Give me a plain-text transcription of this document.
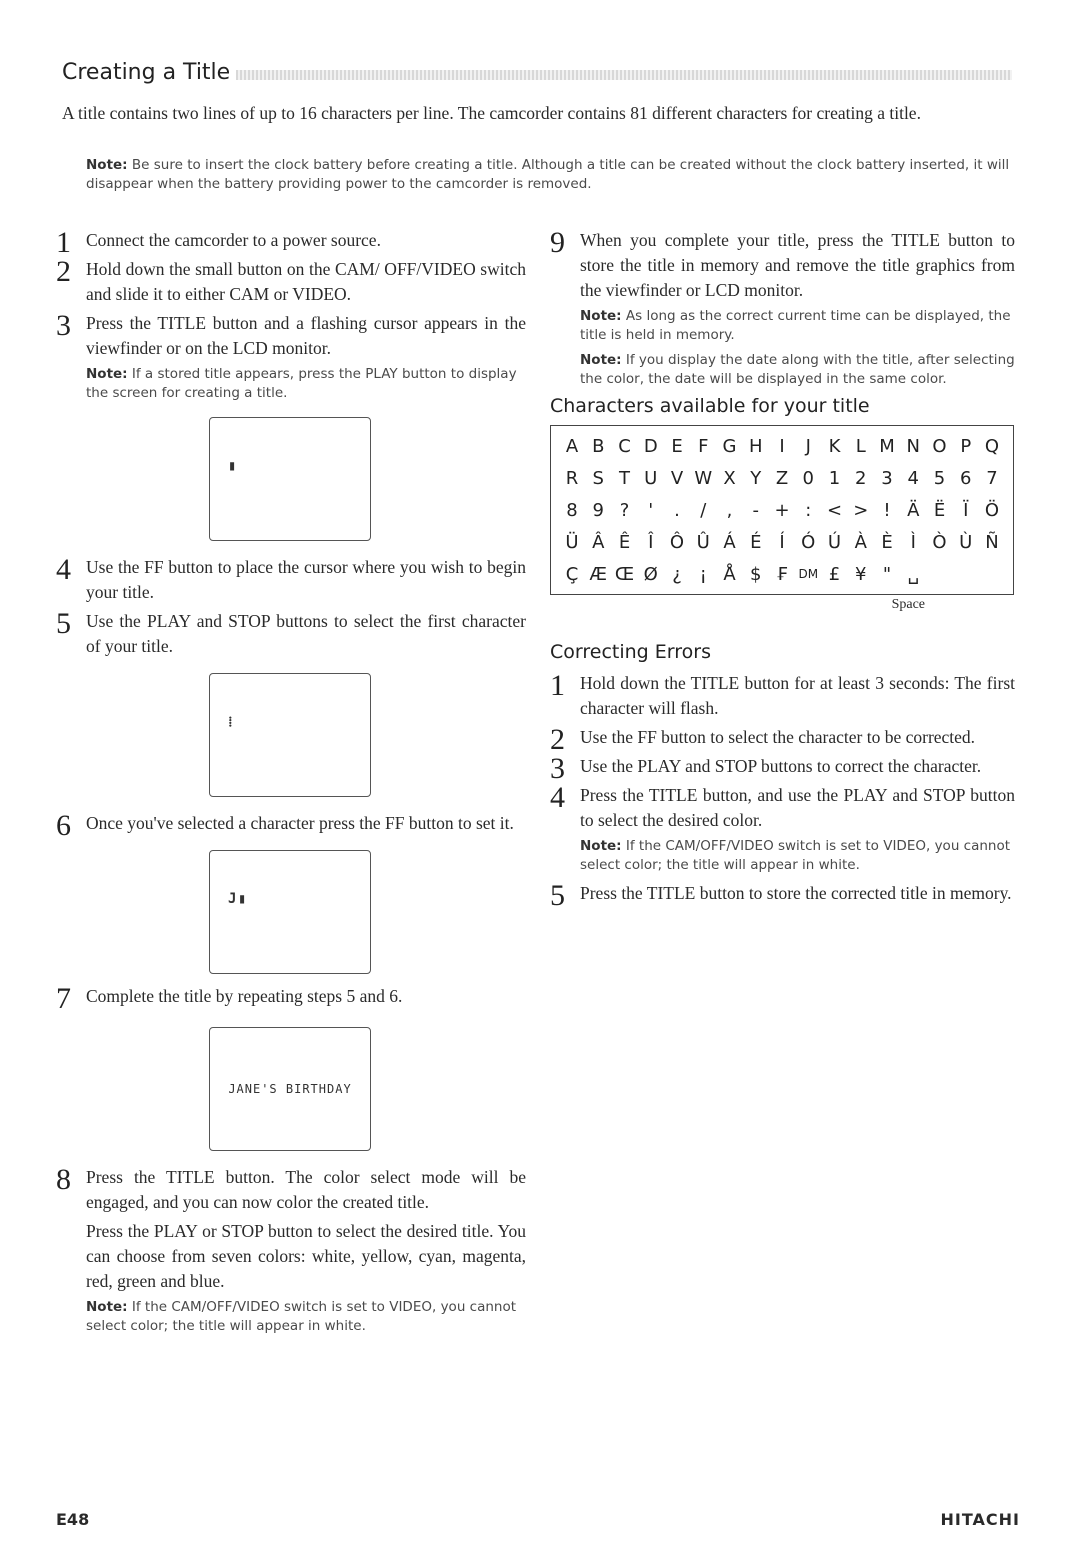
Creating a Title
A title contains two lines of up to 16 characters per line. The camcorder contains 81 different characters for creating a title.
Note: Be sure to insert the clock battery before creating a title. Although a title can be created without the clock battery inserted, it will disappear when the battery providing power to the camcorder is removed.
1 Connect the camcorder to a power source.
2 Hold down the small button on the CAM/ OFF/VIDEO switch and slide it to either CAM or VIDEO.
3 Press the TITLE button and a flashing cursor appears in the viewfinder or on the LCD monitor.
Note: If a stored title appears, press the PLAY button to display the screen for creating a title.
▮
4 Use the FF button to place the cursor where you wish to begin your title.
5 Use the PLAY and STOP buttons to select the first character of your title.
⁞
6 Once you've selected a character press the FF button to set it.
J ▮
7 Complete the title by repeating steps 5 and 6.
JANE'S BIRTHDAY
8 Press the TITLE button. The color select mode will be engaged, and you can now color the created title.
Press the PLAY or STOP button to select the desired title. You can choose from seven colors: white, yellow, cyan, magenta, red, green and blue.
Note: If the CAM/OFF/VIDEO switch is set to VIDEO, you cannot select color; the title will appear in white.
9 When you complete your title, press the TITLE button to store the title in memory and remove the title graphics from the viewfinder or LCD monitor.
Note: As long as the correct current time can be displayed, the title is held in memory.
Note: If you display the date along with the title, after selecting the color, the date will be displayed in the same color.
Characters available for your title
A B C D E F G H I	J K L M N O P Q
R S T U V W X Y Z 0 1 2 3 4 5 6 7
8 9 ?	'	.	/	,	- + : < > ! Ä Ë Ï Ö
Ü Â Ê Î Ô Û Á É Í Ó Ú À È Ì Ò Ù Ñ
Ç Æ Œ Ø ¿ ¡ Å $ ₣ DM £ ¥ " ␣
Space
Correcting Errors
1 Hold down the TITLE button for at least 3 seconds: The first character will flash.
2 Use the FF button to select the character to be corrected.
3 Use the PLAY and STOP buttons to correct the character.
4 Press the TITLE button, and use the PLAY and STOP button to select the desired color.
Note: If the CAM/OFF/VIDEO switch is set to VIDEO, you cannot select color; the title will appear in white.
5 Press the TITLE button to store the corrected title in memory.
E48	HITACHI
